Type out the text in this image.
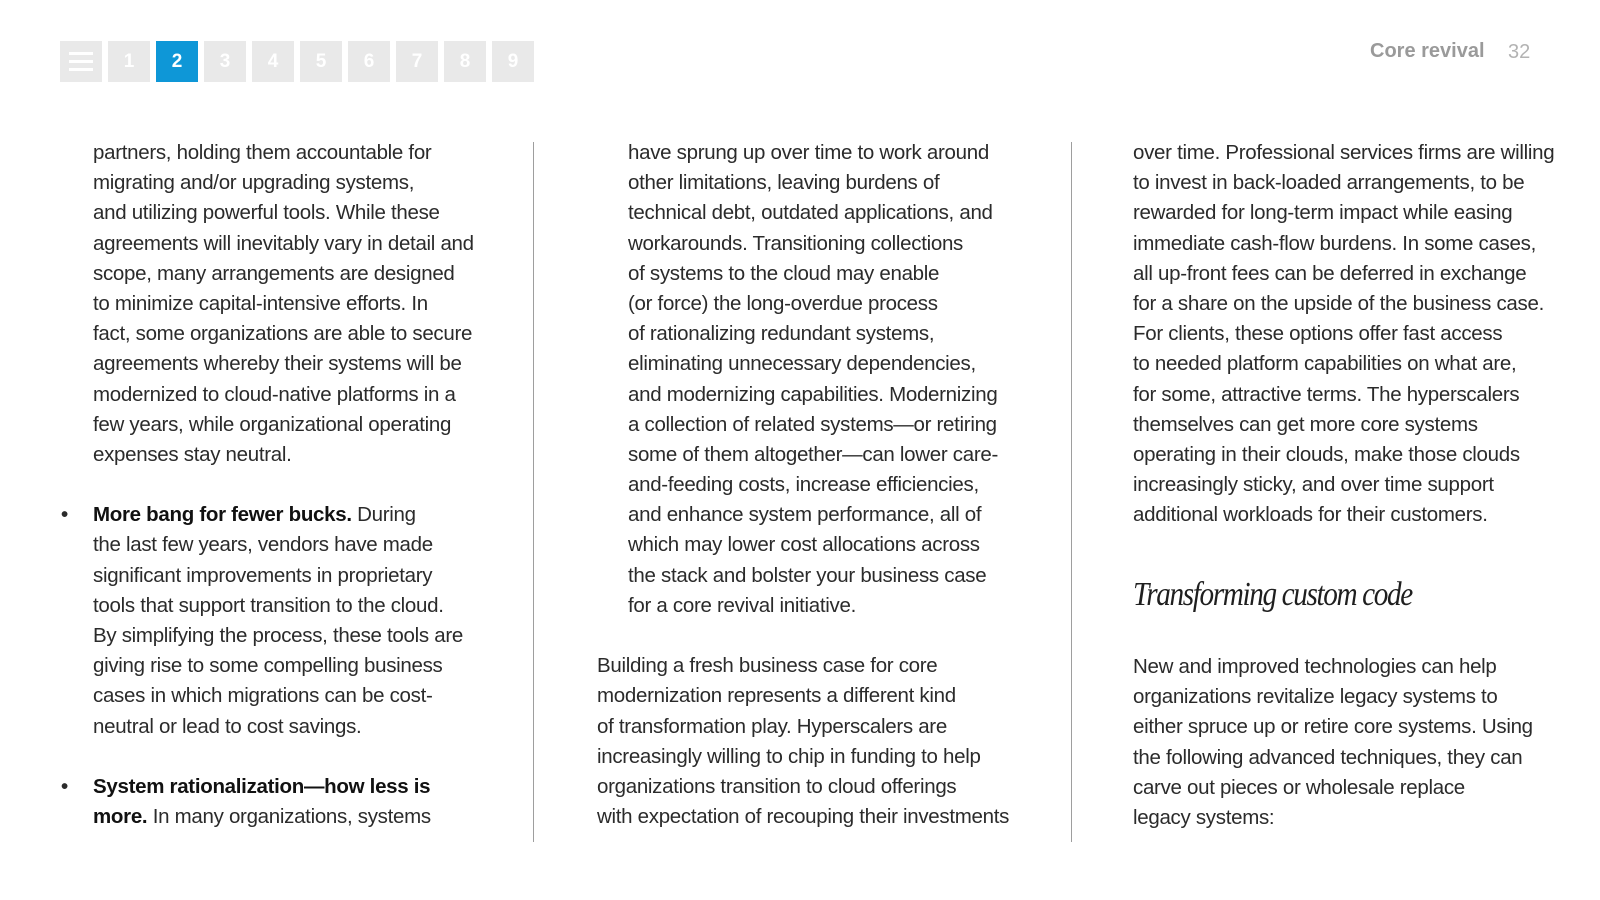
1	2	3	4	5	6	7	8	9	Core revival 32
partners, holding them accountable for
migrating and/or upgrading systems,
and utilizing powerful tools. While these
agreements will inevitably vary in detail and
scope, many arrangements are designed
to minimize capital-intensive efforts. In
fact, some organizations are able to secure
agreements whereby their systems will be
modernized to cloud-native platforms in a
few years, while organizational operating
expenses stay neutral.
• More bang for fewer bucks. During
the last few years, vendors have made
significant improvements in proprietary
tools that support transition to the cloud.
By simplifying the process, these tools are
giving rise to some compelling business
cases in which migrations can be cost-
neutral or lead to cost savings.
• System rationalization—how less is
more. In many organizations, systems
have sprung up over time to work around
other limitations, leaving burdens of
technical debt, outdated applications, and
workarounds. Transitioning collections
of systems to the cloud may enable
(or force) the long-overdue process
of rationalizing redundant systems,
eliminating unnecessary dependencies,
and modernizing capabilities. Modernizing
a collection of related systems—or retiring
some of them altogether—can lower care-
and-feeding costs, increase efficiencies,
and enhance system performance, all of
which may lower cost allocations across
the stack and bolster your business case
for a core revival initiative.
Building a fresh business case for core
modernization represents a different kind
of transformation play. Hyperscalers are
increasingly willing to chip in funding to help
organizations transition to cloud offerings
with expectation of recouping their investments
over time. Professional services firms are willing
to invest in back-loaded arrangements, to be
rewarded for long-term impact while easing
immediate cash-flow burdens. In some cases,
all up-front fees can be deferred in exchange
for a share on the upside of the business case.
For clients, these options offer fast access
to needed platform capabilities on what are,
for some, attractive terms. The hyperscalers
themselves can get more core systems
operating in their clouds, make those clouds
increasingly sticky, and over time support
additional workloads for their customers.
Transforming custom code
New and improved technologies can help
organizations revitalize legacy systems to
either spruce up or retire core systems. Using
the following advanced techniques, they can
carve out pieces or wholesale replace
legacy systems:
